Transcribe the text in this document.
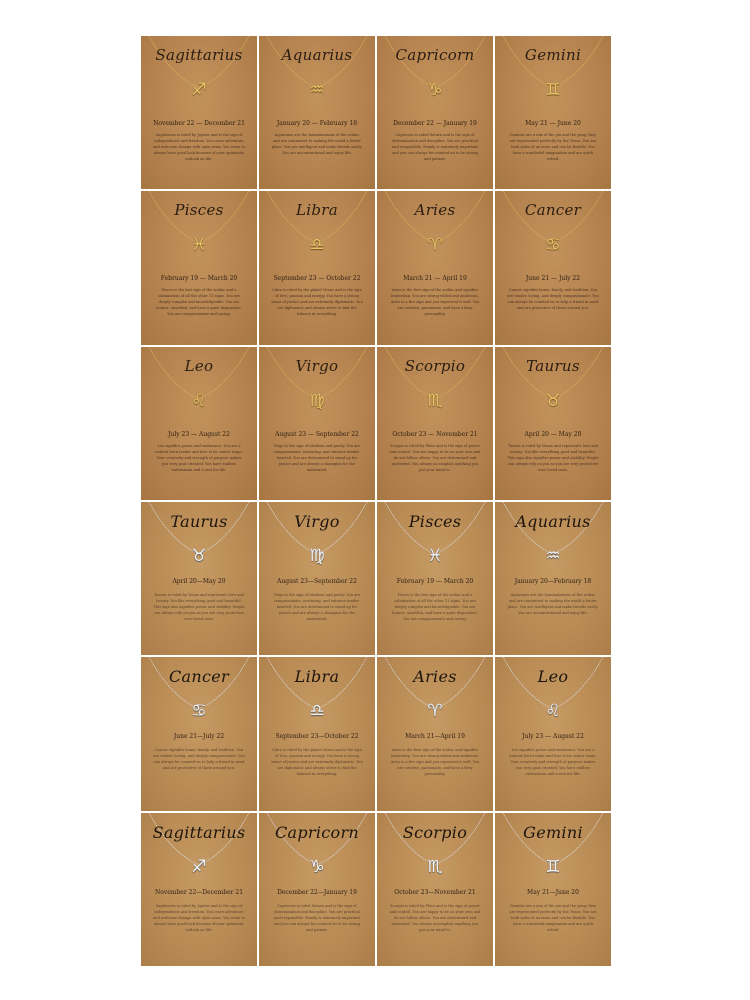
Sagittarius
♐
November 22 — December 21
Sagittarius is ruled by Jupiter and is the sign of independence and freedom. You crave adventure and welcome change with open arms. You seem to always have good luck because of your optimistic outlook on life.
Aquarius
♒
January 20 — February 18
Aquarians are the humanitarians of the zodiac and are committed to making the world a better place. You are intelligent and make friends easily. You are unconventional and enjoy life.
Capricorn
♑
December 22 — January 19
Capricorn is ruled Saturn and is the sign of determination and discipline. You are practical and responsible. Family is extremely important and you can always be counted on to be strong and patient.
Gemini
♊
May 21 — June 20
Geminis are a mix of the yin and the yang; they are represented perfectly by the Twins. You are both sides of an issue and can be flexible. You have a wonderful imagination and are quick witted.
Pisces
♓
February 19 — March 20
Pisces is the last sign of the zodiac and a culmination of all the other 11 signs. You are deeply complex and knowledgeable. You are honest, unselfish, and have a quiet disposition. You are compassionate and caring.
Libra
♎
September 23 — October 22
Libra is ruled by the planet Venus and is the sign of love, passion and energy. You have a strong sense of justice and are extremely diplomatic. You are diplomatic and always strive to find the balance in everything.
Aries
♈
March 21 — April 19
Aries is the first sign of the zodiac and signifies leadership. You are strong-willed and ambitious. Aries is a fire sign and you represent it well. You are creative, passionate, and have a fiery personality.
Cancer
♋
June 21 — July 22
Cancer signifies home, family, and tradition. You are tender, loving, and deeply compassionate. You can always be counted on to help a friend in need and are protective of those around you.
Leo
♌
July 23 — August 22
Leo signifies power and endurance. You are a natural born leader and love to be center stage. Your creativity and strength of purpose makes you very goal oriented. You have endless enthusiasm and a zest for life.
Virgo
♍
August 23 — September 22
Virgo is the sign of idealism and purity. You are compassionate, nurturing, and extreme tender-hearted. You are determined to stand up for justice and are always a champion for the mistreated.
Scorpio
♏
October 23 — November 21
Scorpio is ruled by Pluto and is the sign of power and control. You are happy to be on your own and do not follow others. You are determined and motivated. You always accomplish anything you put your mind to.
Taurus
♉
April 20 — May 20
Taurus is ruled by Venus and represents love and beauty. You like everything good and beautiful. This sign also signifies power and stability. People can always rely on you as you are very protective over loved ones.
Taurus
♉
April 20—May 20
Taurus is ruled by Venus and represents love and beauty. You like everything good and beautiful. This sign also signifies power and stability. People can always rely on you as you are very protective over loved ones.
Virgo
♍
August 23—September 22
Virgo is the sign of idealism and purity. You are compassionate, nurturing, and extreme tender-hearted. You are determined to stand up for justice and are always a champion for the mistreated.
Pisces
♓
February 19 — March 20
Pisces is the last sign of the zodiac and a culmination of all the other 11 signs. You are deeply complex and knowledgeable. You are honest, unselfish, and have a quiet disposition. You are compassionate and caring.
Aquarius
♒
January 20—February 18
Aquarians are the humanitarians of the zodiac and are committed to making the world a better place. You are intelligent and make friends easily. You are unconventional and enjoy life.
Cancer
♋
June 21—July 22
Cancer signifies home, family, and tradition. You are tender, loving, and deeply compassionate. You can always be counted on to help a friend in need and are protective of those around you.
Libra
♎
September 23—October 22
Libra is ruled by the planet Venus and is the sign of love, passion and energy. You have a strong sense of justice and are extremely diplomatic. You are diplomatic and always strive to find the balance in everything.
Aries
♈
March 21—April 19
Aries is the first sign of the zodiac and signifies leadership. You are strong-willed and ambitious. Aries is a fire sign and you represent it well. You are creative, passionate, and have a fiery personality.
Leo
♌
July 23 — August 22
Leo signifies power and endurance. You are a natural born leader and love to be center stage. Your creativity and strength of purpose makes you very goal oriented. You have endless enthusiasm and a zest for life.
Sagittarius
♐
November 22—December 21
Sagittarius is ruled by Jupiter and is the sign of independence and freedom. You crave adventure and welcome change with open arms. You seem to always have good luck because of your optimistic outlook on life.
Capricorn
♑
December 22—January 19
Capricorn is ruled Saturn and is the sign of determination and discipline. You are practical and responsible. Family is extremely important and you can always be counted on to be strong and patient.
Scorpio
♏
October 23—November 21
Scorpio is ruled by Pluto and is the sign of power and control. You are happy to be on your own and do not follow others. You are determined and motivated. You always accomplish anything you put your mind to.
Gemini
♊
May 21—June 20
Geminis are a mix of the yin and the yang; they are represented perfectly by the Twins. You are both sides of an issue and can be flexible. You have a wonderful imagination and are quick witted.
